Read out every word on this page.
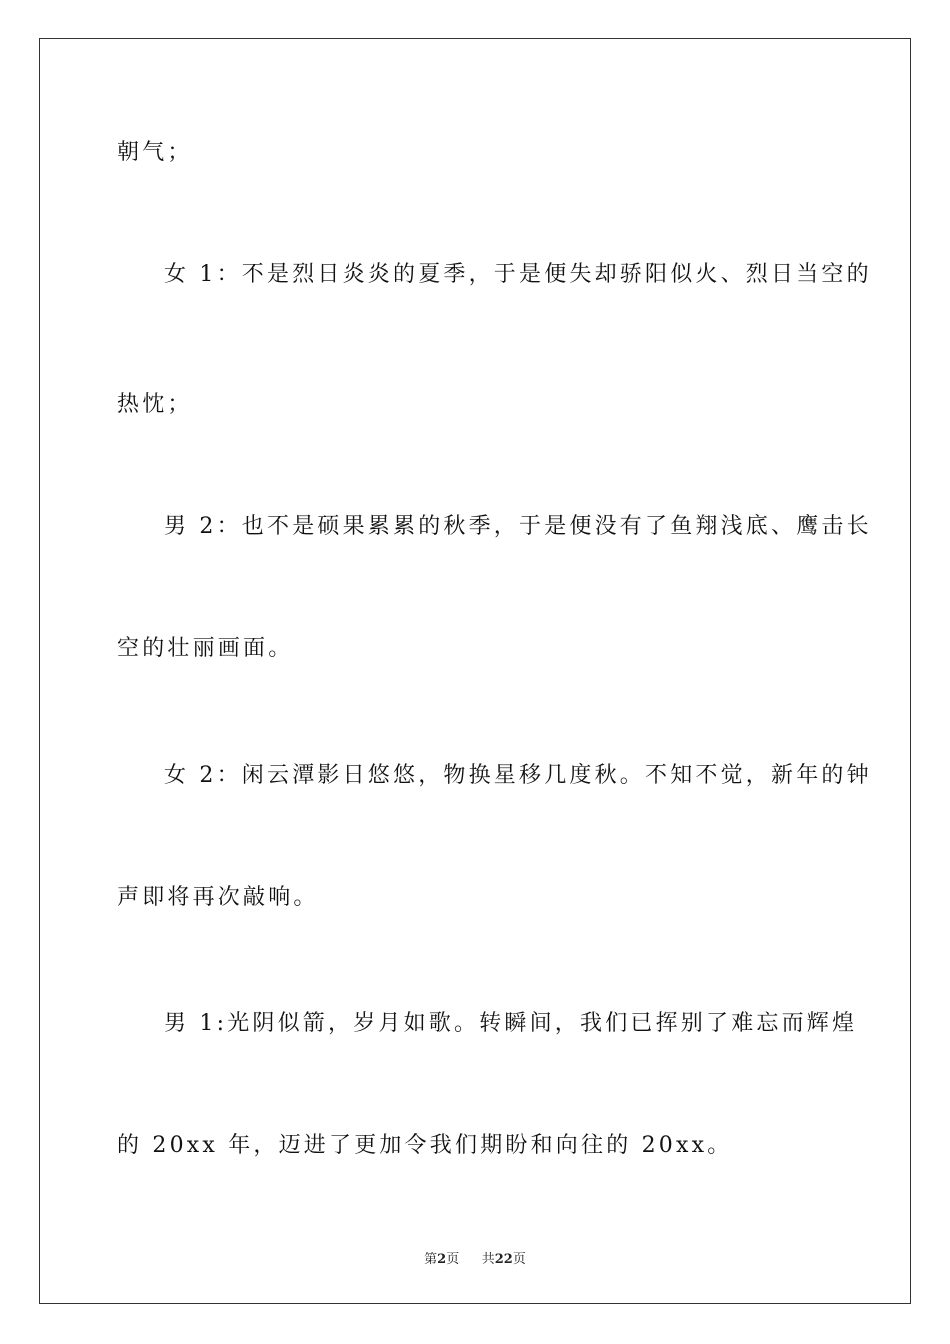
朝气；
女 1：不是烈日炎炎的夏季，于是便失却骄阳似火、烈日当空的
热忱；
男 2：也不是硕果累累的秋季，于是便没有了鱼翔浅底、鹰击长
空的壮丽画面。
女 2：闲云潭影日悠悠，物换星移几度秋。不知不觉，新年的钟
声即将再次敲响。
男 1:光阴似箭，岁月如歌。转瞬间，我们已挥别了难忘而辉煌
的 20xx 年，迈进了更加令我们期盼和向往的 20xx。
第2页 共22页
